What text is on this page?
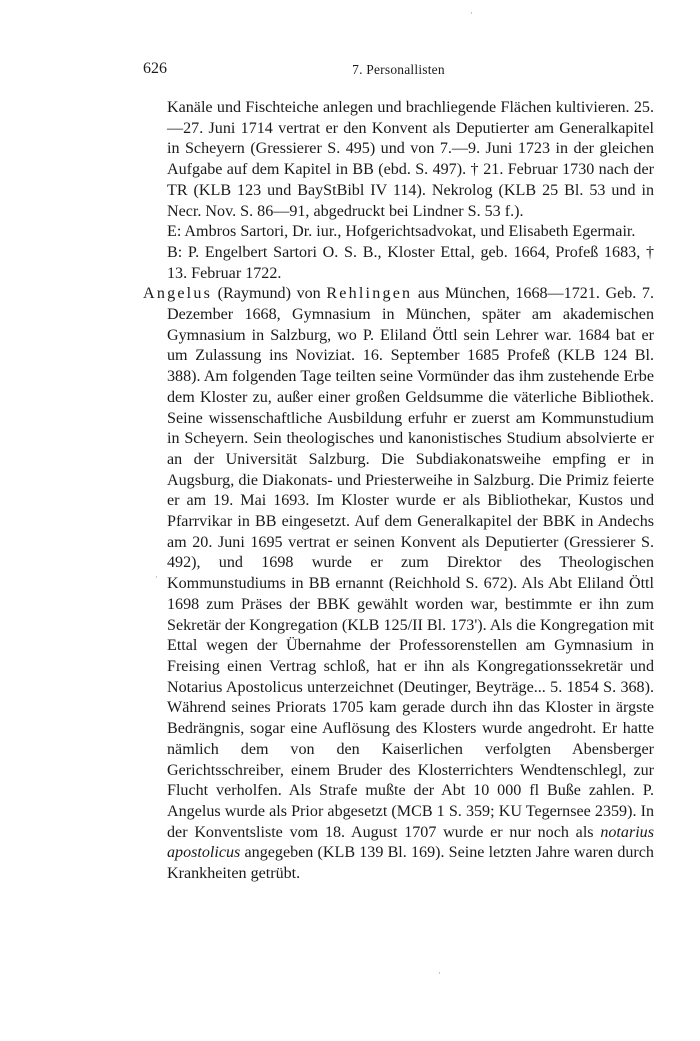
626	7. Personallisten
·
·
·

Kanäle und Fischteiche anlegen und brachliegende Flächen kultivieren. 25.—27. Juni 1714 vertrat er den Konvent als Deputierter am Generalkapitel in Scheyern (Gressierer S. 495) und von 7.—9. Juni 1723 in der gleichen Aufgabe auf dem Kapitel in BB (ebd. S. 497). † 21. Februar 1730 nach der TR (KLB 123 und BayStBibl IV 114). Nekrolog (KLB 25 Bl. 53 und in Necr. Nov. S. 86—91, abgedruckt bei Lindner S. 53 f.).

E: Ambros Sartori, Dr. iur., Hofgerichtsadvokat, und Elisabeth Egermair.

B: P. Engelbert Sartori O. S. B., Kloster Ettal, geb. 1664, Profeß 1683, † 13. Februar 1722.

Angelus (Raymund) von Rehlingen aus München, 1668—1721. Geb. 7. Dezember 1668, Gymnasium in München, später am akademischen Gymnasium in Salzburg, wo P. Eliland Öttl sein Lehrer war. 1684 bat er um Zulassung ins Noviziat. 16. September 1685 Profeß (KLB 124 Bl. 388). Am folgenden Tage teilten seine Vormünder das ihm zustehende Erbe dem Kloster zu, außer einer großen Geldsumme die väterliche Bibliothek. Seine wissenschaftliche Ausbildung erfuhr er zuerst am Kommunstudium in Scheyern. Sein theologisches und kanonistisches Studium absolvierte er an der Universität Salzburg. Die Subdiakonatsweihe empfing er in Augsburg, die Diakonats- und Priesterweihe in Salzburg. Die Primiz feierte er am 19. Mai 1693. Im Kloster wurde er als Bibliothekar, Kustos und Pfarrvikar in BB eingesetzt. Auf dem Generalkapitel der BBK in Andechs am 20. Juni 1695 vertrat er seinen Konvent als Deputierter (Gressierer S. 492), und 1698 wurde er zum Direktor des Theologischen Kommunstudiums in BB ernannt (Reichhold S. 672). Als Abt Eliland Öttl 1698 zum Präses der BBK gewählt worden war, bestimmte er ihn zum Sekretär der Kongregation (KLB 125/II Bl. 173'). Als die Kongregation mit Ettal wegen der Übernahme der Professorenstellen am Gymnasium in Freising einen Vertrag schloß, hat er ihn als Kongregationssekretär und Notarius Apostolicus unterzeichnet (Deutinger, Beyträge... 5. 1854 S. 368). Während seines Priorats 1705 kam gerade durch ihn das Kloster in ärgste Bedrängnis, sogar eine Auflösung des Klosters wurde angedroht. Er hatte nämlich dem von den Kaiserlichen verfolgten Abensberger Gerichtsschreiber, einem Bruder des Klosterrichters Wendtenschlegl, zur Flucht verholfen. Als Strafe mußte der Abt 10 000 fl Buße zahlen. P. Angelus wurde als Prior abgesetzt (MCB 1 S. 359; KU Tegernsee 2359). In der Konventsliste vom 18. August 1707 wurde er nur noch als notarius apostolicus angegeben (KLB 139 Bl. 169). Seine letzten Jahre waren durch Krankheiten getrübt.
